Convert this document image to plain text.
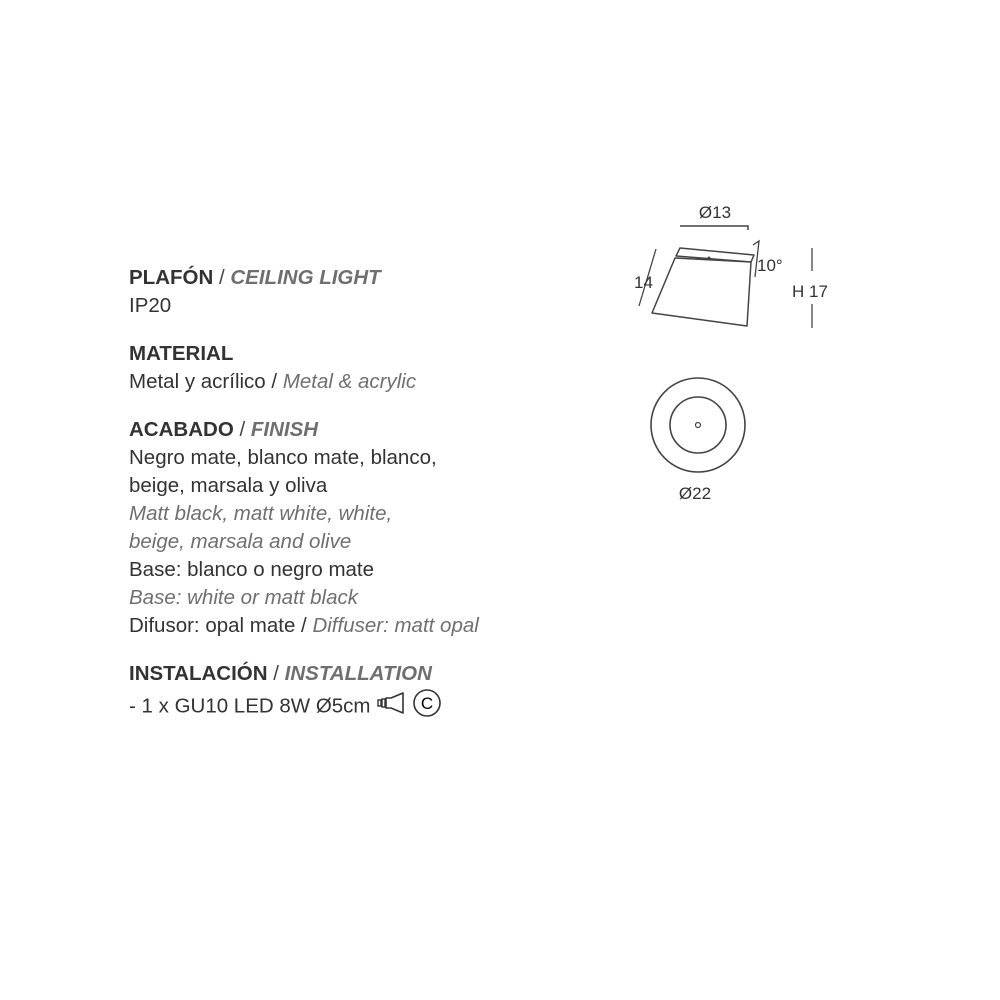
PLAFÓN / CEILING LIGHT
IP20
MATERIAL
Metal y acrílico / Metal & acrylic
ACABADO / FINISH
Negro mate, blanco mate, blanco,
beige, marsala y oliva
Matt black, matt white, white,
beige, marsala and olive
Base: blanco o negro mate
Base: white or matt black
Difusor: opal mate / Diffuser: matt opal
INSTALACIÓN / INSTALLATION
- 1 x GU10 LED 8W Ø5cm	C
Ø13
10°
14	H 17
Ø22
